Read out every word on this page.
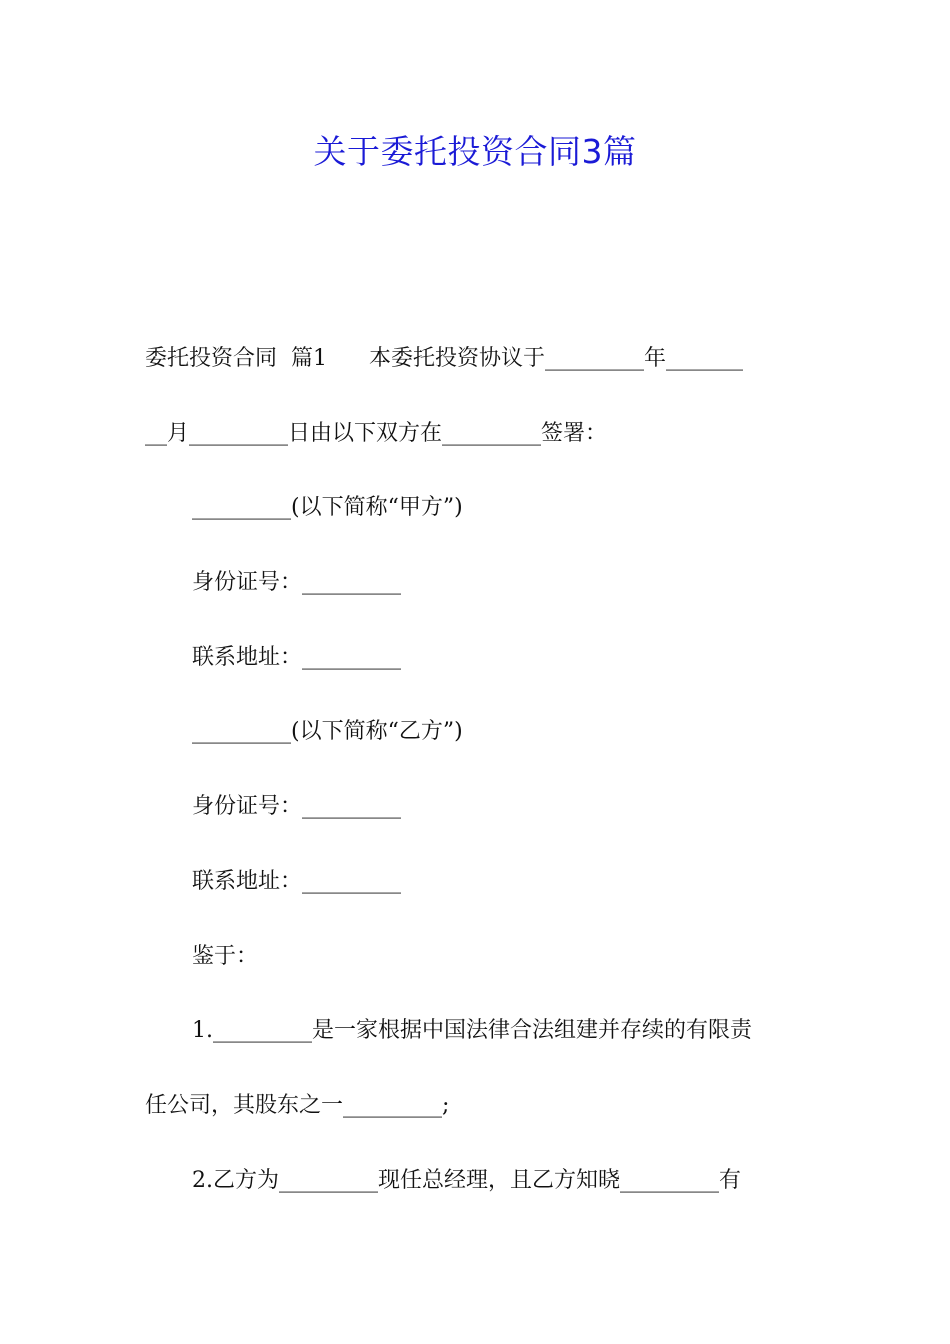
关于委托投资合同3篇
委托投资合同  篇1      本委托投资协议于_________年_______
__月_________日由以下双方在_________签署：
_________(以下简称“甲方”)
身份证号：_________
联系地址：_________
_________(以下简称“乙方”)
身份证号：_________
联系地址：_________
鉴于：
1._________是一家根据中国法律合法组建并存续的有限责
任公司，其股东之一_________;
2.乙方为_________现任总经理，且乙方知晓_________有
